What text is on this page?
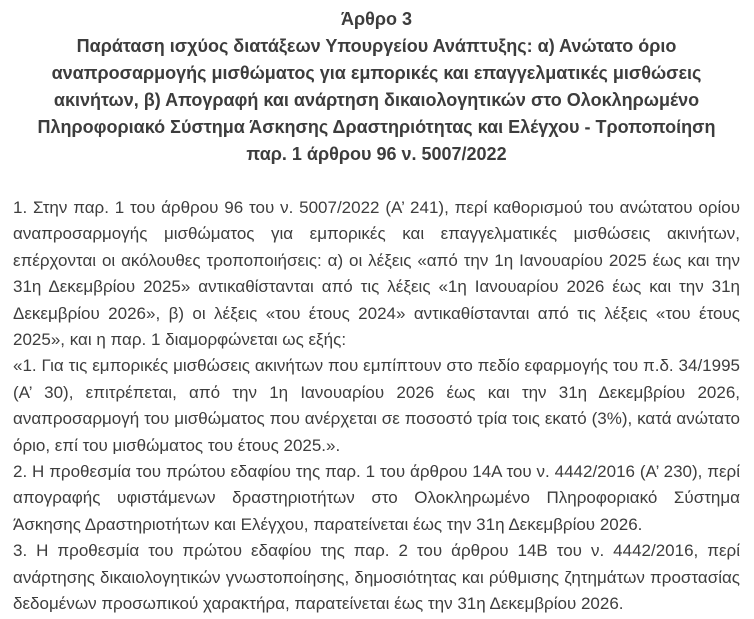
Άρθρο 3
Παράταση ισχύος διατάξεων Υπουργείου Ανάπτυξης: α) Ανώτατο όριο αναπροσαρμογής μισθώματος για εμπορικές και επαγγελματικές μισθώσεις ακινήτων, β) Απογραφή και ανάρτηση δικαιολογητικών στο Ολοκληρωμένο Πληροφοριακό Σύστημα Άσκησης Δραστηριότητας και Ελέγχου - Τροποποίηση παρ. 1 άρθρου 96 ν. 5007/2022

1. Στην παρ. 1 του άρθρου 96 του ν. 5007/2022 (Α’ 241), περί καθορισμού του ανώτατου ορίου αναπροσαρμογής μισθώματος για εμπορικές και επαγγελματικές μισθώσεις ακινήτων, επέρχονται οι ακόλουθες τροποποιήσεις: α) οι λέξεις «από την 1η Ιανουαρίου 2025 έως και την 31η Δεκεμβρίου 2025» αντικαθίστανται από τις λέξεις «1η Ιανουαρίου 2026 έως και την 31η Δεκεμβρίου 2026», β) οι λέξεις «του έτους 2024» αντικαθίστανται από τις λέξεις «του έτους 2025», και η παρ. 1 διαμορφώνεται ως εξής:

«1. Για τις εμπορικές μισθώσεις ακινήτων που εμπίπτουν στο πεδίο εφαρμογής του π.δ. 34/1995 (Α’ 30), επιτρέπεται, από την 1η Ιανουαρίου 2026 έως και την 31η Δεκεμβρίου 2026, αναπροσαρμογή του μισθώματος που ανέρχεται σε ποσοστό τρία τοις εκατό (3%), κατά ανώτατο όριο, επί του μισθώματος του έτους 2025.».

2. Η προθεσμία του πρώτου εδαφίου της παρ. 1 του άρθρου 14Α του ν. 4442/2016 (Α’ 230), περί απογραφής υφιστάμενων δραστηριοτήτων στο Ολοκληρωμένο Πληροφοριακό Σύστημα Άσκησης Δραστηριοτήτων και Ελέγχου, παρατείνεται έως την 31η Δεκεμβρίου 2026.

3. Η προθεσμία του πρώτου εδαφίου της παρ. 2 του άρθρου 14Β του ν. 4442/2016, περί ανάρτησης δικαιολογητικών γνωστοποίησης, δημοσιότητας και ρύθμισης ζητημάτων προστασίας δεδομένων προσωπικού χαρακτήρα, παρατείνεται έως την 31η Δεκεμβρίου 2026.
